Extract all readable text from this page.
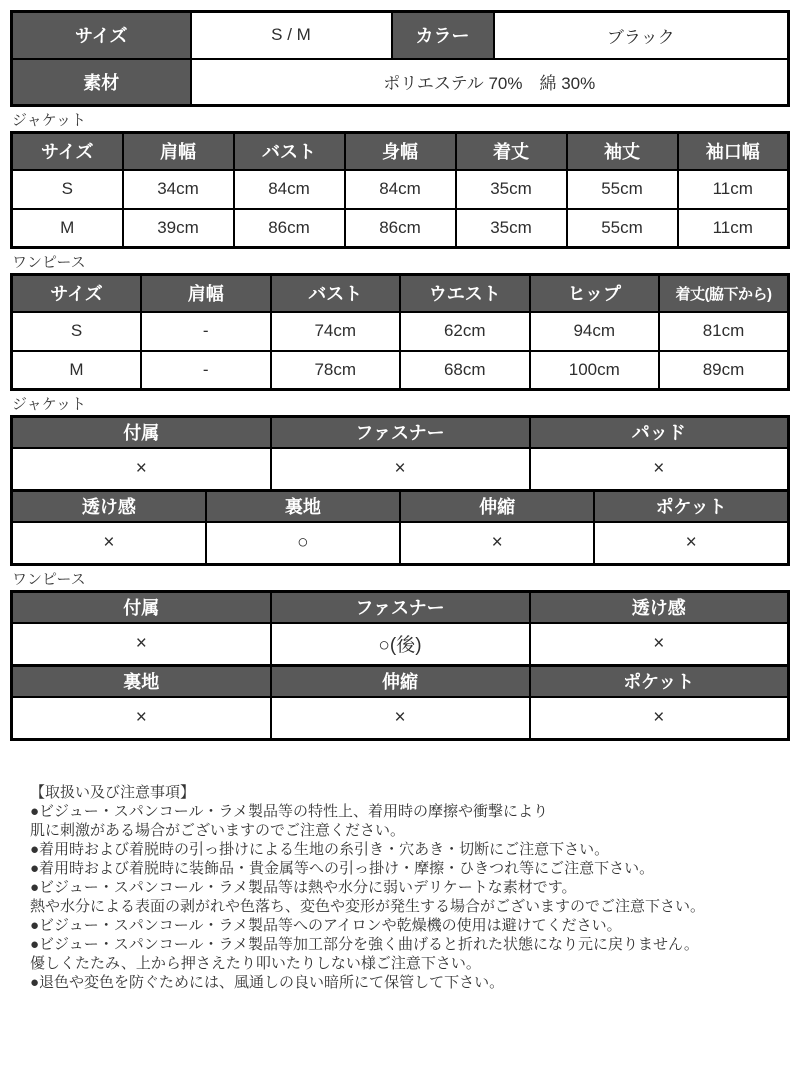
サイズ	S / M	カラー	ブラック
素材	ポリエステル 70%　綿 30%		
ジャケット
サイズ	肩幅	バスト	身幅	着丈	袖丈	袖口幅
S	34cm	84cm	84cm	35cm	55cm	11cm
M	39cm	86cm	86cm	35cm	55cm	11cm
ワンピース
サイズ	肩幅	バスト	ウエスト	ヒップ	着丈(脇下から)
S	-	74cm	62cm	94cm	81cm
M	-	78cm	68cm	100cm	89cm
ジャケット
付属	ファスナー	パッド
×	×	×
透け感	裏地	伸縮	ポケット
×	○	×	×
ワンピース
付属	ファスナー	透け感
×	○(後)	×
裏地	伸縮	ポケット
×	×	×
【取扱い及び注意事項】
●ビジュー・スパンコール・ラメ製品等の特性上、着用時の摩擦や衝撃により
肌に刺激がある場合がございますのでご注意ください。
●着用時および着脱時の引っ掛けによる生地の糸引き・穴あき・切断にご注意下さい。
●着用時および着脱時に装飾品・貴金属等への引っ掛け・摩擦・ひきつれ等にご注意下さい。
●ビジュー・スパンコール・ラメ製品等は熱や水分に弱いデリケートな素材です。
熱や水分による表面の剥がれや色落ち、変色や変形が発生する場合がございますのでご注意下さい。
●ビジュー・スパンコール・ラメ製品等へのアイロンや乾燥機の使用は避けてください。
●ビジュー・スパンコール・ラメ製品等加工部分を強く曲げると折れた状態になり元に戻りません。
優しくたたみ、上から押さえたり叩いたりしない様ご注意下さい。
●退色や変色を防ぐためには、風通しの良い暗所にて保管して下さい。
